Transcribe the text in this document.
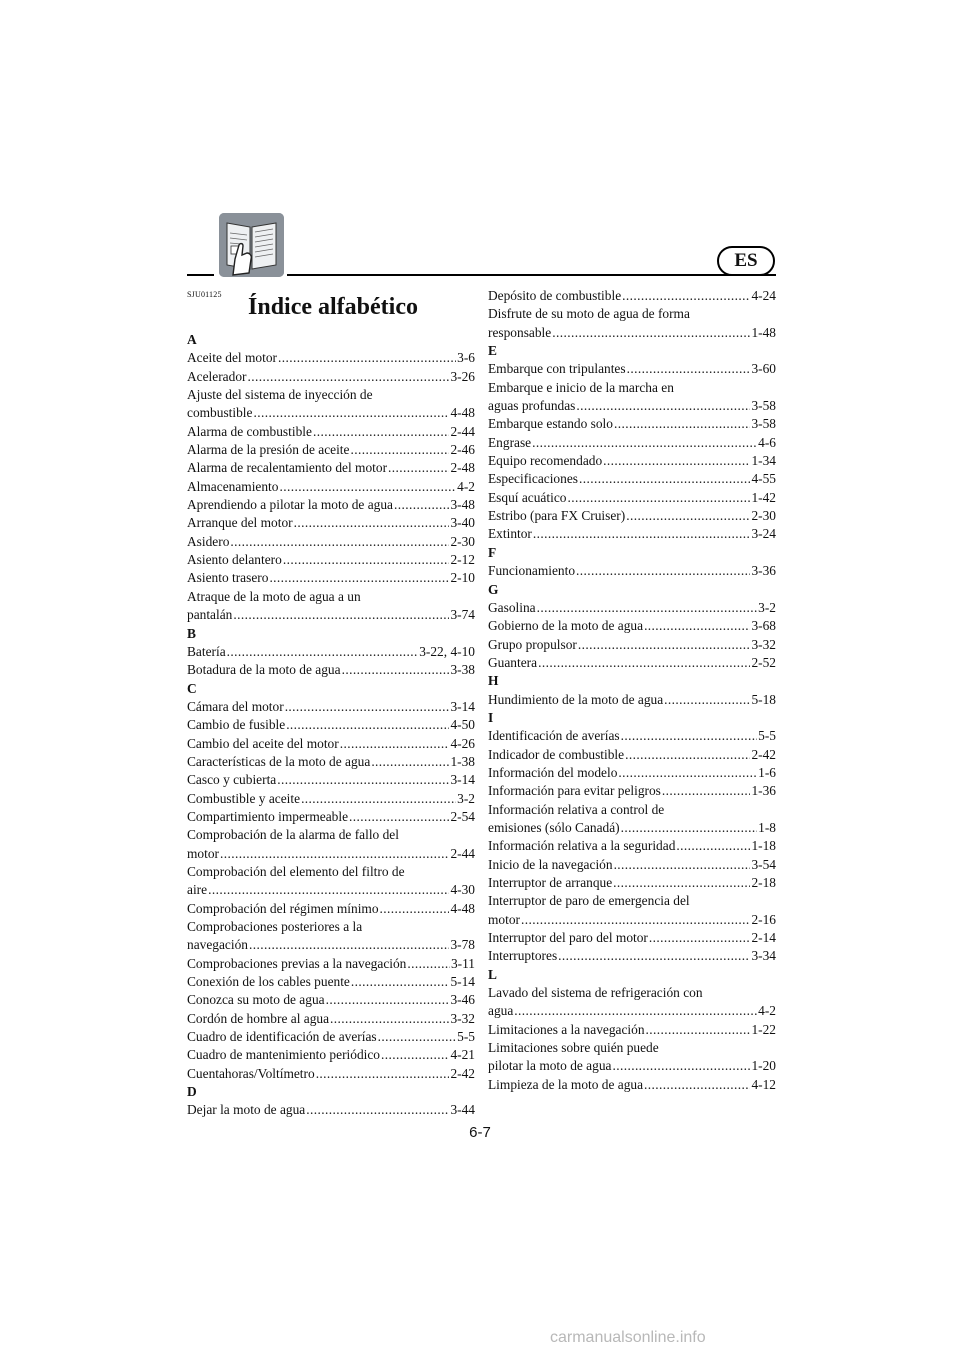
ES
SJU01125 Índice alfabético
A
Aceite del motor .....	3-6
Acelerador .....	3-26
Ajuste del sistema de inyección de
combustible .....	4-48
Alarma de combustible .....	2-44
Alarma de la presión de aceite .....	2-46
Alarma de recalentamiento del motor .....	2-48
Almacenamiento .....	4-2
Aprendiendo a pilotar la moto de agua .....	3-48
Arranque del motor .....	3-40
Asidero .....	2-30
Asiento delantero .....	2-12
Asiento trasero .....	2-10
Atraque de la moto de agua a un
pantalán .....	3-74
B
Batería .....	3-22, 4-10
Botadura de la moto de agua .....	3-38
C
Cámara del motor .....	3-14
Cambio de fusible .....	4-50
Cambio del aceite del motor .....	4-26
Características de la moto de agua .....	1-38
Casco y cubierta .....	3-14
Combustible y aceite .....	3-2
Compartimiento impermeable .....	2-54
Comprobación de la alarma de fallo del
motor .....	2-44
Comprobación del elemento del filtro de
aire .....	4-30
Comprobación del régimen mínimo .....	4-48
Comprobaciones posteriores a la
navegación .....	3-78
Comprobaciones previas a la navegación .....	3-11
Conexión de los cables puente .....	5-14
Conozca su moto de agua .....	3-46
Cordón de hombre al agua .....	3-32
Cuadro de identificación de averías .....	5-5
Cuadro de mantenimiento periódico .....	4-21
Cuentahoras/Voltímetro .....	2-42
D
Dejar la moto de agua .....	3-44
Depósito de combustible .....	4-24
Disfrute de su moto de agua de forma
responsable .....	1-48
E
Embarque con tripulantes .....	3-60
Embarque e inicio de la marcha en
aguas profundas .....	3-58
Embarque estando solo .....	3-58
Engrase .....	4-6
Equipo recomendado .....	1-34
Especificaciones .....	4-55
Esquí acuático .....	1-42
Estribo (para FX Cruiser) .....	2-30
Extintor .....	3-24
F
Funcionamiento .....	3-36
G
Gasolina .....	3-2
Gobierno de la moto de agua .....	3-68
Grupo propulsor .....	3-32
Guantera .....	2-52
H
Hundimiento de la moto de agua .....	5-18
I
Identificación de averías .....	5-5
Indicador de combustible .....	2-42
Información del modelo .....	1-6
Información para evitar peligros .....	1-36
Información relativa a control de
emisiones (sólo Canadá) .....	1-8
Información relativa a la seguridad .....	1-18
Inicio de la navegación .....	3-54
Interruptor de arranque .....	2-18
Interruptor de paro de emergencia del
motor .....	2-16
Interruptor del paro del motor .....	2-14
Interruptores .....	3-34
L
Lavado del sistema de refrigeración con
agua .....	4-2
Limitaciones a la navegación .....	1-22
Limitaciones sobre quién puede
pilotar la moto de agua .....	1-20
Limpieza de la moto de agua .....	4-12
6-7
carmanualsonline.info
